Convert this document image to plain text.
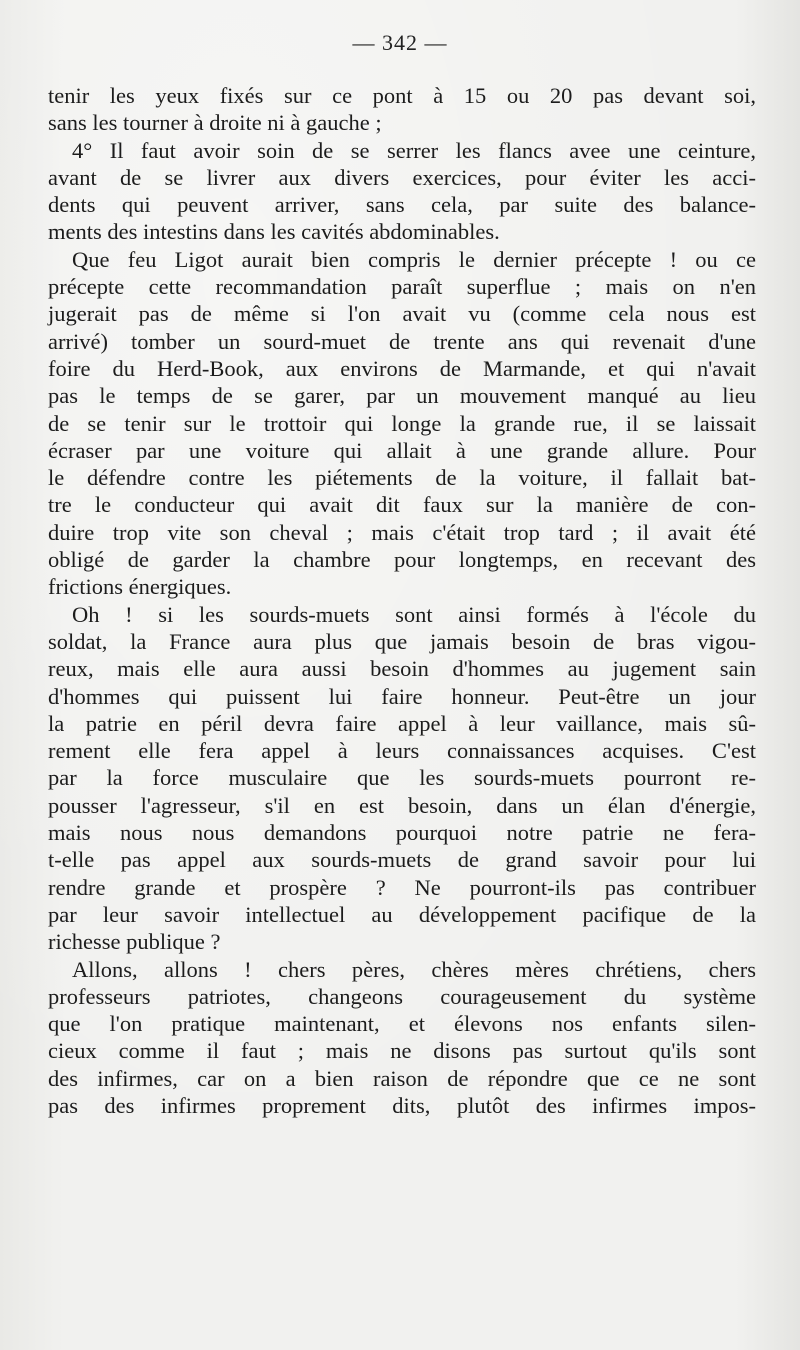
— 342 —
tenir les yeux fixés sur ce pont à 15 ou 20 pas devant soi,
sans les tourner à droite ni à gauche ;
4° Il faut avoir soin de se serrer les flancs avee une ceinture,
avant de se livrer aux divers exercices, pour éviter les acci-
dents qui peuvent arriver, sans cela, par suite des balance-
ments des intestins dans les cavités abdominables.
Que feu Ligot aurait bien compris le dernier précepte ! ou ce
précepte cette recommandation paraît superflue ; mais on n'en
jugerait pas de même si l'on avait vu (comme cela nous est
arrivé) tomber un sourd-muet de trente ans qui revenait d'une
foire du Herd-Book, aux environs de Marmande, et qui n'avait
pas le temps de se garer, par un mouvement manqué au lieu
de se tenir sur le trottoir qui longe la grande rue, il se laissait
écraser par une voiture qui allait à une grande allure. Pour
le défendre contre les piétements de la voiture, il fallait bat-
tre le conducteur qui avait dit faux sur la manière de con-
duire trop vite son cheval ; mais c'était trop tard ; il avait été
obligé de garder la chambre pour longtemps, en recevant des
frictions énergiques.
Oh ! si les sourds-muets sont ainsi formés à l'école du
soldat, la France aura plus que jamais besoin de bras vigou-
reux, mais elle aura aussi besoin d'hommes au jugement sain
d'hommes qui puissent lui faire honneur. Peut-être un jour
la patrie en péril devra faire appel à leur vaillance, mais sû-
rement elle fera appel à leurs connaissances acquises. C'est
par la force musculaire que les sourds-muets pourront re-
pousser l'agresseur, s'il en est besoin, dans un élan d'énergie,
mais nous nous demandons pourquoi notre patrie ne fera-
t-elle pas appel aux sourds-muets de grand savoir pour lui
rendre grande et prospère ? Ne pourront-ils pas contribuer
par leur savoir intellectuel au développement pacifique de la
richesse publique ?
Allons, allons ! chers pères, chères mères chrétiens, chers
professeurs patriotes, changeons courageusement du système
que l'on pratique maintenant, et élevons nos enfants silen-
cieux comme il faut ; mais ne disons pas surtout qu'ils sont
des infirmes, car on a bien raison de répondre que ce ne sont
pas des infirmes proprement dits, plutôt des infirmes impos-
